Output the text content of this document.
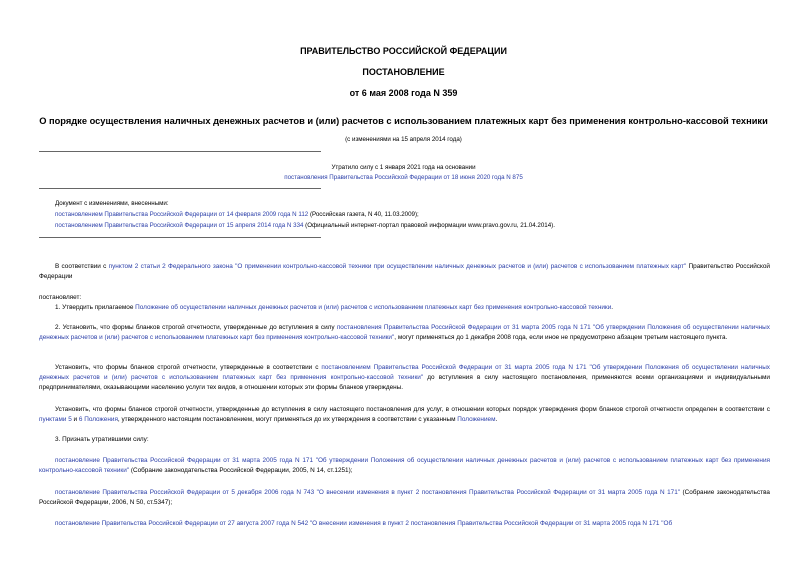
ПРАВИТЕЛЬСТВО РОССИЙСКОЙ ФЕДЕРАЦИИ
ПОСТАНОВЛЕНИЕ
от 6 мая 2008 года N 359
О порядке осуществления наличных денежных расчетов и (или) расчетов с использованием платежных карт без применения контрольно-кассовой техники
(с изменениями на 15 апреля 2014 года)
Утратило силу с 1 января 2021 года на основании
постановления Правительства Российской Федерации от 18 июня 2020 года N 875
Документ с изменениями, внесенными:
постановлением Правительства Российской Федерации от 14 февраля 2009 года N 112 (Российская газета, N 40, 11.03.2009);
постановлением Правительства Российской Федерации от 15 апреля 2014 года N 334 (Официальный интернет-портал правовой информации www.pravo.gov.ru, 21.04.2014).

В соответствии с пунктом 2 статьи 2 Федерального закона "О применении контрольно-кассовой техники при осуществлении наличных денежных расчетов и (или) расчетов с использованием платежных карт" Правительство Российской Федерации

постановляет:

1. Утвердить прилагаемое Положение об осуществлении наличных денежных расчетов и (или) расчетов с использованием платежных карт без применения контрольно-кассовой техники.

2. Установить, что формы бланков строгой отчетности, утвержденные до вступления в силу постановления Правительства Российской Федерации от 31 марта 2005 года N 171 "Об утверждении Положения об осуществлении наличных денежных расчетов и (или) расчетов с использованием платежных карт без применения контрольно-кассовой техники", могут применяться до 1 декабря 2008 года, если иное не предусмотрено абзацем третьим настоящего пункта.

Установить, что формы бланков строгой отчетности, утвержденные в соответствии с постановлением Правительства Российской Федерации от 31 марта 2005 года N 171 "Об утверждении Положения об осуществлении наличных денежных расчетов и (или) расчетов с использованием платежных карт без применения контрольно-кассовой техники" до вступления в силу настоящего постановления, применяются всеми организациями и индивидуальными предпринимателями, оказывающими населению услуги тех видов, в отношении которых эти формы бланков утверждены.

Установить, что формы бланков строгой отчетности, утвержденные до вступления в силу настоящего постановления для услуг, в отношении которых порядок утверждения форм бланков строгой отчетности определен в соответствии с пунктами 5 и 6 Положения, утвержденного настоящим постановлением, могут применяться до их утверждения в соответствии с указанным Положением.

3. Признать утратившими силу:

постановление Правительства Российской Федерации от 31 марта 2005 года N 171 "Об утверждении Положения об осуществлении наличных денежных расчетов и (или) расчетов с использованием платежных карт без применения контрольно-кассовой техники" (Собрание законодательства Российской Федерации, 2005, N 14, ст.1251);

постановление Правительства Российской Федерации от 5 декабря 2006 года N 743 "О внесении изменения в пункт 2 постановления Правительства Российской Федерации от 31 марта 2005 года N 171" (Собрание законодательства Российской Федерации, 2006, N 50, ст.5347);

постановление Правительства Российской Федерации от 27 августа 2007 года N 542 "О внесении изменения в пункт 2 постановления Правительства Российской Федерации от 31 марта 2005 года N 171 "Об
